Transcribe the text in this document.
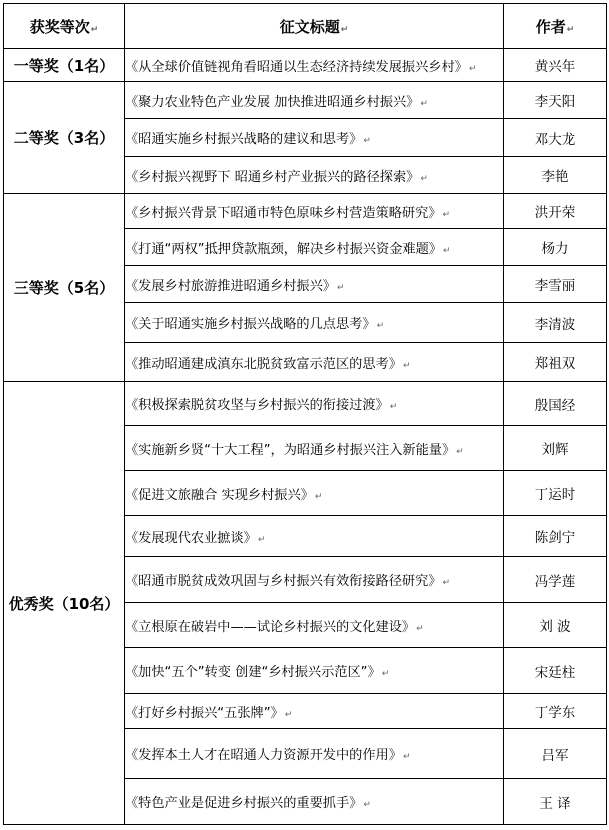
获奖等次↵	征文标题↵	作者↵
一等奖（1名）	《从全球价值链视角看昭通以生态经济持续发展振兴乡村》↵	黄兴年
二等奖（3名）	《聚力农业特色产业发展 加快推进昭通乡村振兴》↵	李天阳
	《昭通实施乡村振兴战略的建议和思考》↵	邓大龙
	《乡村振兴视野下 昭通乡村产业振兴的路径探索》↵	李艳
三等奖（5名）	《乡村振兴背景下昭通市特色原味乡村营造策略研究》↵	洪开荣
	《打通“两权”抵押贷款瓶颈，解决乡村振兴资金难题》↵	杨力
	《发展乡村旅游推进昭通乡村振兴》↵	李雪丽
	《关于昭通实施乡村振兴战略的几点思考》↵	李清波
	《推动昭通建成滇东北脱贫致富示范区的思考》↵	郑祖双
优秀奖（10名）	《积极探索脱贫攻坚与乡村振兴的衔接过渡》↵	殷国经
	《实施新乡贤“十大工程”，为昭通乡村振兴注入新能量》↵	刘辉
	《促进文旅融合 实现乡村振兴》↵	丁运时
	《发展现代农业摭谈》↵	陈剑宁
	《昭通市脱贫成效巩固与乡村振兴有效衔接路径研究》↵	冯学莲
	《立根原在破岩中——试论乡村振兴的文化建设》↵	刘 波
	《加快“五个”转变 创建“乡村振兴示范区”》↵	宋廷柱
	《打好乡村振兴“五张牌”》↵	丁学东
	《发挥本土人才在昭通人力资源开发中的作用》↵	吕军
	《特色产业是促进乡村振兴的重要抓手》↵	王 译
